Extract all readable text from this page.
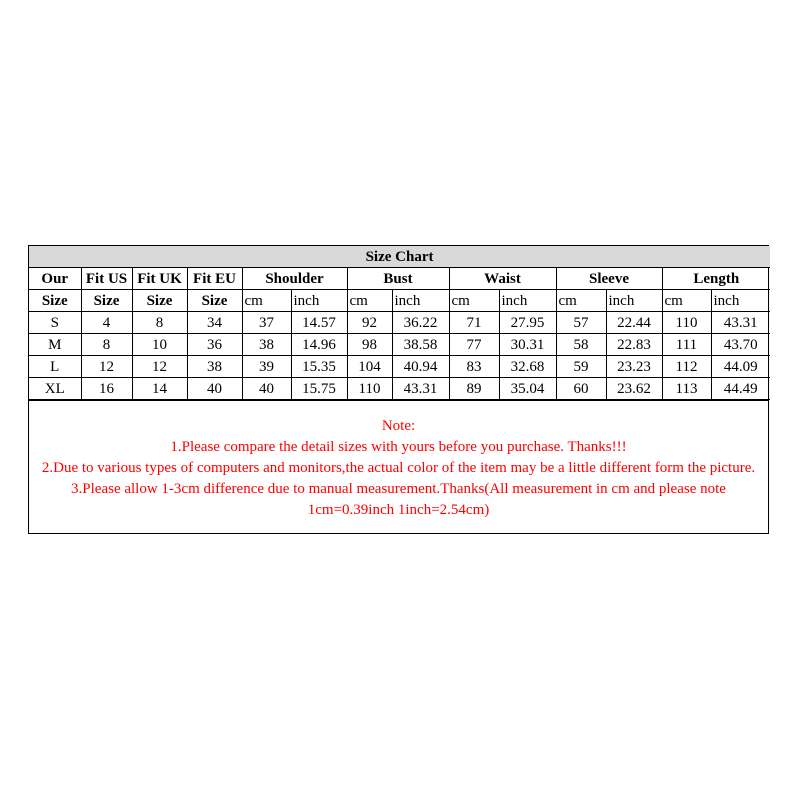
Size Chart													
Our	Fit US	Fit UK	Fit EU	Shoulder		Bust		Waist		Sleeve		Length	
Size	Size	Size	Size	cm	inch	cm	inch	cm	inch	cm	inch	cm	inch
S	4	8	34	37	14.57	92	36.22	71	27.95	57	22.44	110	43.31
M	8	10	36	38	14.96	98	38.58	77	30.31	58	22.83	111	43.70
L	12	12	38	39	15.35	104	40.94	83	32.68	59	23.23	112	44.09
XL	16	14	40	40	15.75	110	43.31	89	35.04	60	23.62	113	44.49
Note:
1.Please compare the detail sizes with yours before you purchase. Thanks!!!
2.Due to various types of computers and monitors,the actual color of the item may be a little different form the picture.
3.Please allow 1-3cm difference due to manual measurement.Thanks(All measurement in cm and please note 1cm=0.39inch 1inch=2.54cm)
